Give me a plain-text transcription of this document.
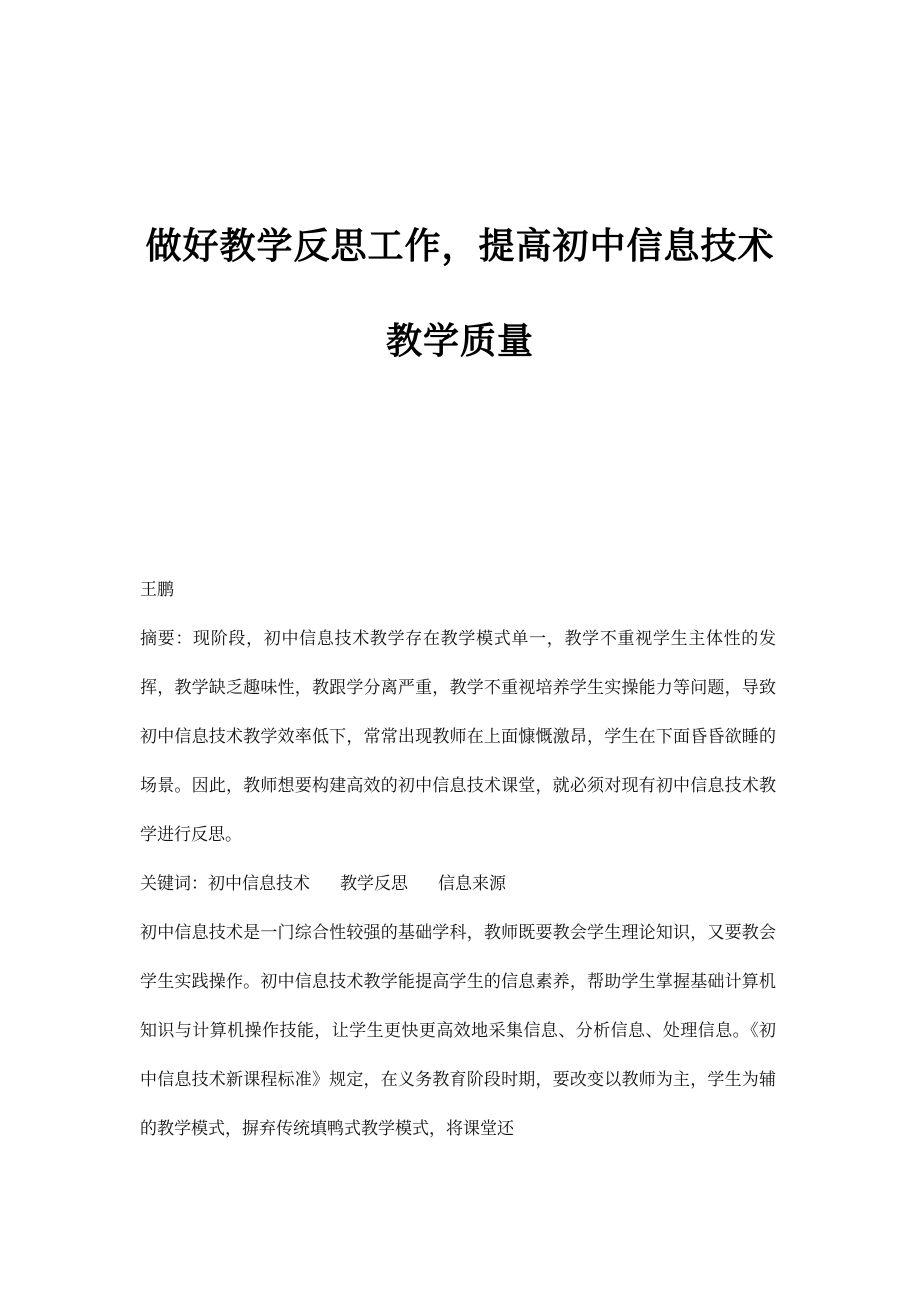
做好教学反思工作，提高初中信息技术
教学质量

王鹏

摘要：现阶段，初中信息技术教学存在教学模式单一，教学不重视学生主体性的发挥，教学缺乏趣味性，教跟学分离严重，教学不重视培养学生实操能力等问题，导致初中信息技术教学效率低下，常常出现教师在上面慷慨激昂，学生在下面昏昏欲睡的场景。因此，教师想要构建高效的初中信息技术课堂，就必须对现有初中信息技术教学进行反思。

关键词：初中信息技术 教学反思 信息来源

初中信息技术是一门综合性较强的基础学科，教师既要教会学生理论知识，又要教会学生实践操作。初中信息技术教学能提高学生的信息素养，帮助学生掌握基础计算机知识与计算机操作技能，让学生更快更高效地采集信息、分析信息、处理信息。《初中信息技术新课程标准》规定，在义务教育阶段时期，要改变以教师为主，学生为辅的教学模式，摒弃传统填鸭式教学模式，将课堂还
